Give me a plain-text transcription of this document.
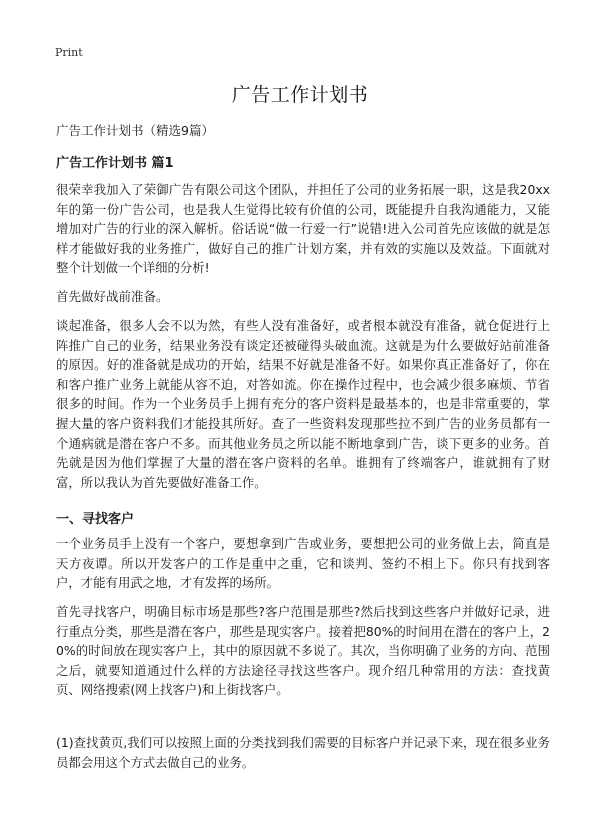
Print
广告工作计划书
广告工作计划书（精选9篇）
广告工作计划书 篇1
很荣幸我加入了荣御广告有限公司这个团队，并担任了公司的业务拓展一职，这是我20xx年的第一份广告公司，也是我人生觉得比较有价值的公司，既能提升自我沟通能力，又能增加对广告的行业的深入解析。俗话说“做一行爱一行”说错!进入公司首先应该做的就是怎样才能做好我的业务推广，做好自己的推广计划方案，并有效的实施以及效益。下面就对整个计划做一个详细的分析!
首先做好战前准备。
谈起准备，很多人会不以为然，有些人没有准备好，或者根本就没有准备，就仓促进行上阵推广自己的业务，结果业务没有谈定还被碰得头破血流。这就是为什么要做好站前准备的原因。好的准备就是成功的开始，结果不好就是准备不好。如果你真正准备好了，你在和客户推广业务上就能从容不迫，对答如流。你在操作过程中，也会减少很多麻烦、节省很多的时间。作为一个业务员手上拥有充分的客户资料是最基本的，也是非常重要的，掌握大量的客户资料我们才能投其所好。查了一些资料发现那些拉不到广告的业务员都有一个通病就是潜在客户不多。而其他业务员之所以能不断地拿到广告，谈下更多的业务。首先就是因为他们掌握了大量的潜在客户资料的名单。谁拥有了终端客户，谁就拥有了财富，所以我认为首先要做好准备工作。
一、寻找客户
一个业务员手上没有一个客户，要想拿到广告或业务，要想把公司的业务做上去，简直是天方夜谭。所以开发客户的工作是重中之重，它和谈判、签约不相上下。你只有找到客户，才能有用武之地，才有发挥的场所。
首先寻找客户，明确目标市场是那些?客户范围是那些?然后找到这些客户并做好记录，进行重点分类，那些是潜在客户，那些是现实客户。接着把80%的时间用在潜在的客户上，20%的时间放在现实客户上，其中的原因就不多说了。其次，当你明确了业务的方向、范围之后，就要知道通过什么样的方法途径寻找这些客户。现介绍几种常用的方法：查找黄页、网络搜索(网上找客户)和上街找客户。
(1)查找黄页,我们可以按照上面的分类找到我们需要的目标客户并记录下来，现在很多业务员都会用这个方式去做自己的业务。
